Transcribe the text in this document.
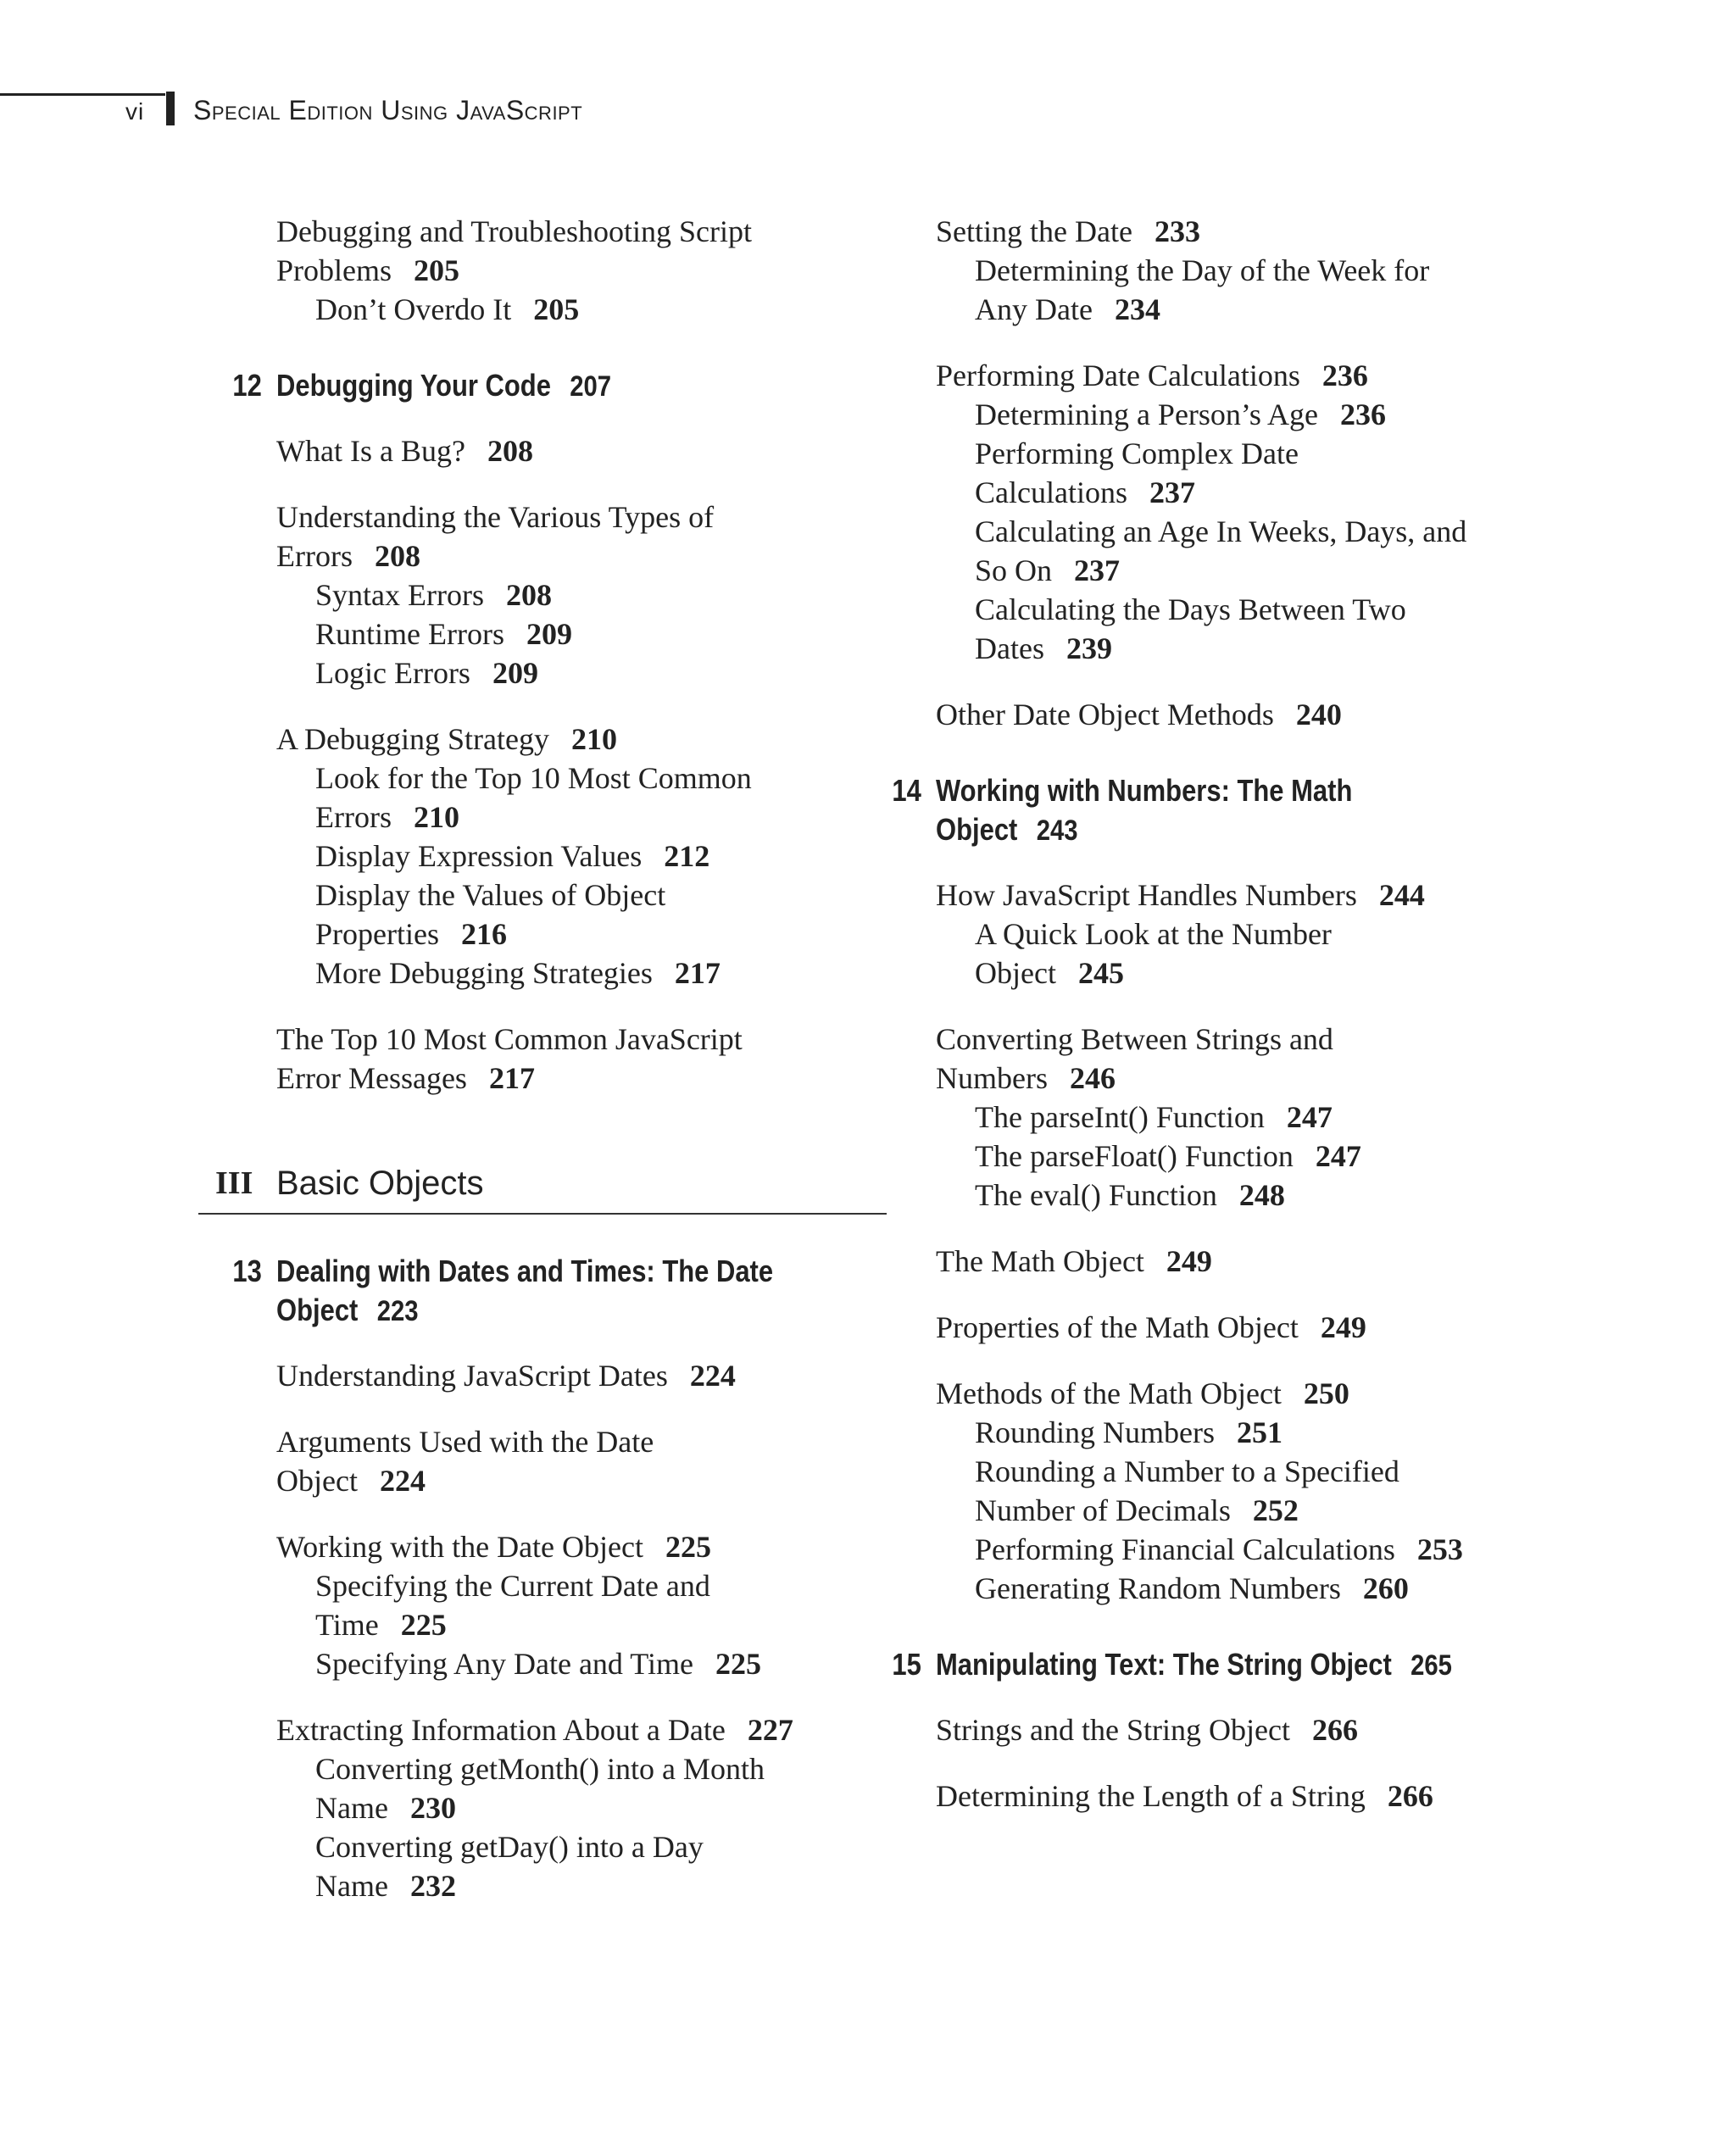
vi Special Edition Using JavaScript
Debugging and Troubleshooting Script
Problems 205
Don’t Overdo It 205
12 Debugging Your Code 207
What Is a Bug? 208
Understanding the Various Types of
Errors 208
Syntax Errors 208
Runtime Errors 209
Logic Errors 209
A Debugging Strategy 210
Look for the Top 10 Most Common
Errors 210
Display Expression Values 212
Display the Values of Object
Properties 216
More Debugging Strategies 217
The Top 10 Most Common JavaScript
Error Messages 217
III Basic Objects
13 Dealing with Dates and Times: The Date
Object 223
Understanding JavaScript Dates 224
Arguments Used with the Date
Object 224
Working with the Date Object 225
Specifying the Current Date and
Time 225
Specifying Any Date and Time 225
Extracting Information About a Date 227
Converting getMonth() into a Month
Name 230
Converting getDay() into a Day
Name 232
Setting the Date 233
Determining the Day of the Week for
Any Date 234
Performing Date Calculations 236
Determining a Person’s Age 236
Performing Complex Date
Calculations 237
Calculating an Age In Weeks, Days, and
So On 237
Calculating the Days Between Two
Dates 239
Other Date Object Methods 240
14 Working with Numbers: The Math
Object 243
How JavaScript Handles Numbers 244
A Quick Look at the Number
Object 245
Converting Between Strings and
Numbers 246
The parseInt() Function 247
The parseFloat() Function 247
The eval() Function 248
The Math Object 249
Properties of the Math Object 249
Methods of the Math Object 250
Rounding Numbers 251
Rounding a Number to a Specified
Number of Decimals 252
Performing Financial Calculations 253
Generating Random Numbers 260
15 Manipulating Text: The String Object 265
Strings and the String Object 266
Determining the Length of a String 266
